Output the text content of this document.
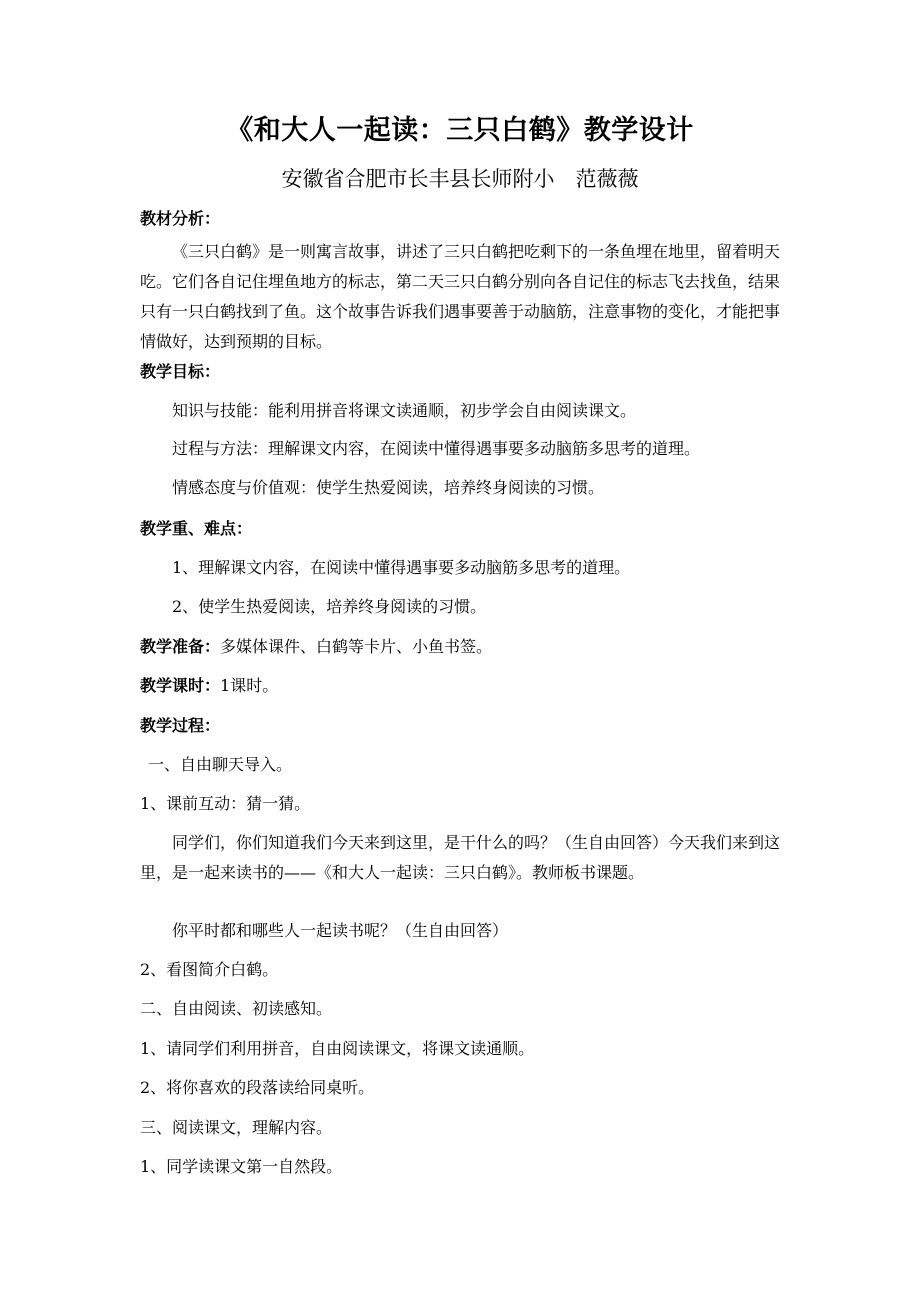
《和大人一起读：三只白鹤》教学设计

安徽省合肥市长丰县长师附小　范薇薇

教材分析：

《三只白鹤》是一则寓言故事，讲述了三只白鹤把吃剩下的一条鱼埋在地里，留着明天吃。它们各自记住埋鱼地方的标志，第二天三只白鹤分别向各自记住的标志飞去找鱼，结果只有一只白鹤找到了鱼。这个故事告诉我们遇事要善于动脑筋，注意事物的变化，才能把事情做好，达到预期的目标。

教学目标：

知识与技能：能利用拼音将课文读通顺，初步学会自由阅读课文。

过程与方法：理解课文内容，在阅读中懂得遇事要多动脑筋多思考的道理。

情感态度与价值观：使学生热爱阅读，培养终身阅读的习惯。

教学重、难点：

1、理解课文内容，在阅读中懂得遇事要多动脑筋多思考的道理。

2、使学生热爱阅读，培养终身阅读的习惯。

教学准备：多媒体课件、白鹤等卡片、小鱼书签。

教学课时：1课时。

教学过程：

一、自由聊天导入。

1、课前互动：猜一猜。

同学们，你们知道我们今天来到这里，是干什么的吗？（生自由回答）今天我们来到这里，是一起来读书的——《和大人一起读：三只白鹤》。教师板书课题。

你平时都和哪些人一起读书呢？（生自由回答）

2、看图简介白鹤。

二、自由阅读、初读感知。

1、请同学们利用拼音，自由阅读课文，将课文读通顺。

2、将你喜欢的段落读给同桌听。

三、阅读课文，理解内容。

1、同学读课文第一自然段。
